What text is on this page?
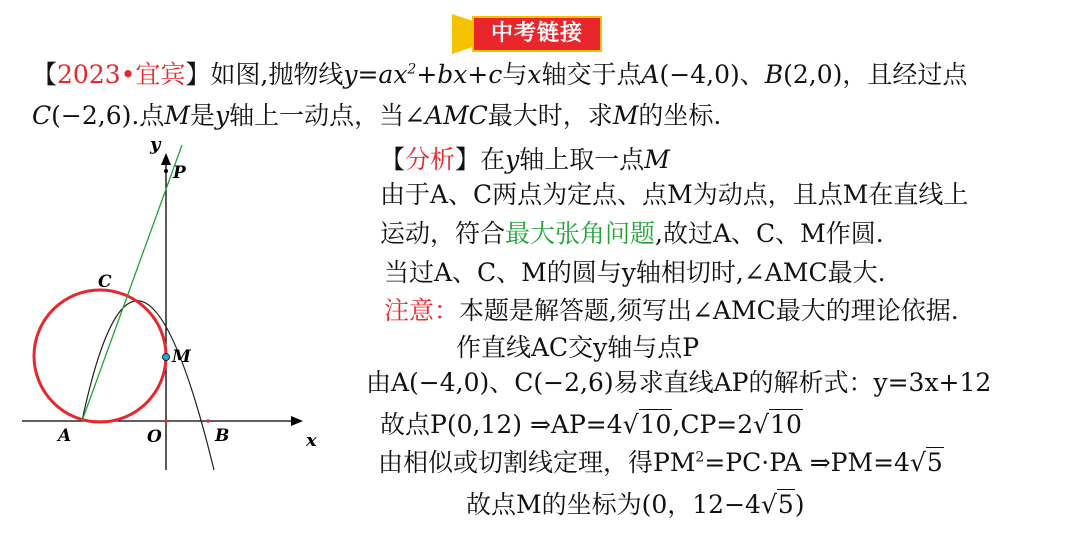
中考链接
【2023•宜宾】如图,抛物线$y=ax^2+bx+c$与x轴交于点A(−4,0)、B(2,0)，且经过点
C(−2,6).点M是y轴上一动点，当∠AMC最大时，求M的坐标.
【分析】在y轴上取一点M
由于A、C两点为定点、点M为动点，且点M在直线上
运动，符合最大张角问题,故过A、C、M作圆.
当过A、C、M的圆与y轴相切时,∠AMC最大.
注意：本题是解答题,须写出∠AMC最大的理论依据.
作直线AC交y轴与点P
由A(−4,0)、C(−2,6)易求直线AP的解析式：y=3x+12
故点P(0,12) ⇒AP=4√10,CP=2√10
由相似或切割线定理，得$PM^2=PC\cdot PA$ ⇒PM=4√5
故点M的坐标为(0，12−4√5)
y
x
P
C
M
A	O	B
